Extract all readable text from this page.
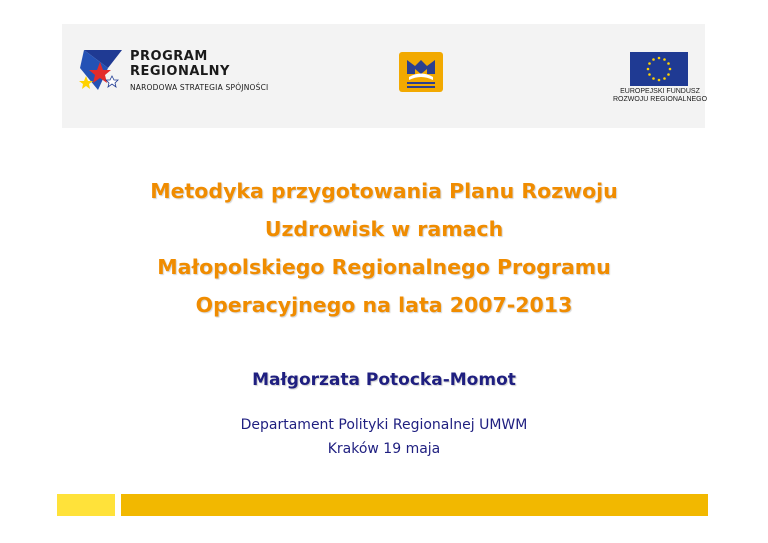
PROGRAM
REGIONALNY
NARODOWA STRATEGIA SPÓJNOŚCI	EUROPEJSKI FUNDUSZ
ROZWOJU REGIONALNEGO
Metodyka przygotowania Planu Rozwoju
Uzdrowisk w ramach
Małopolskiego Regionalnego Programu
Operacyjnego na lata 2007-2013
Małgorzata Potocka-Momot
Departament Polityki Regionalnej UMWM
Kraków 19 maja
